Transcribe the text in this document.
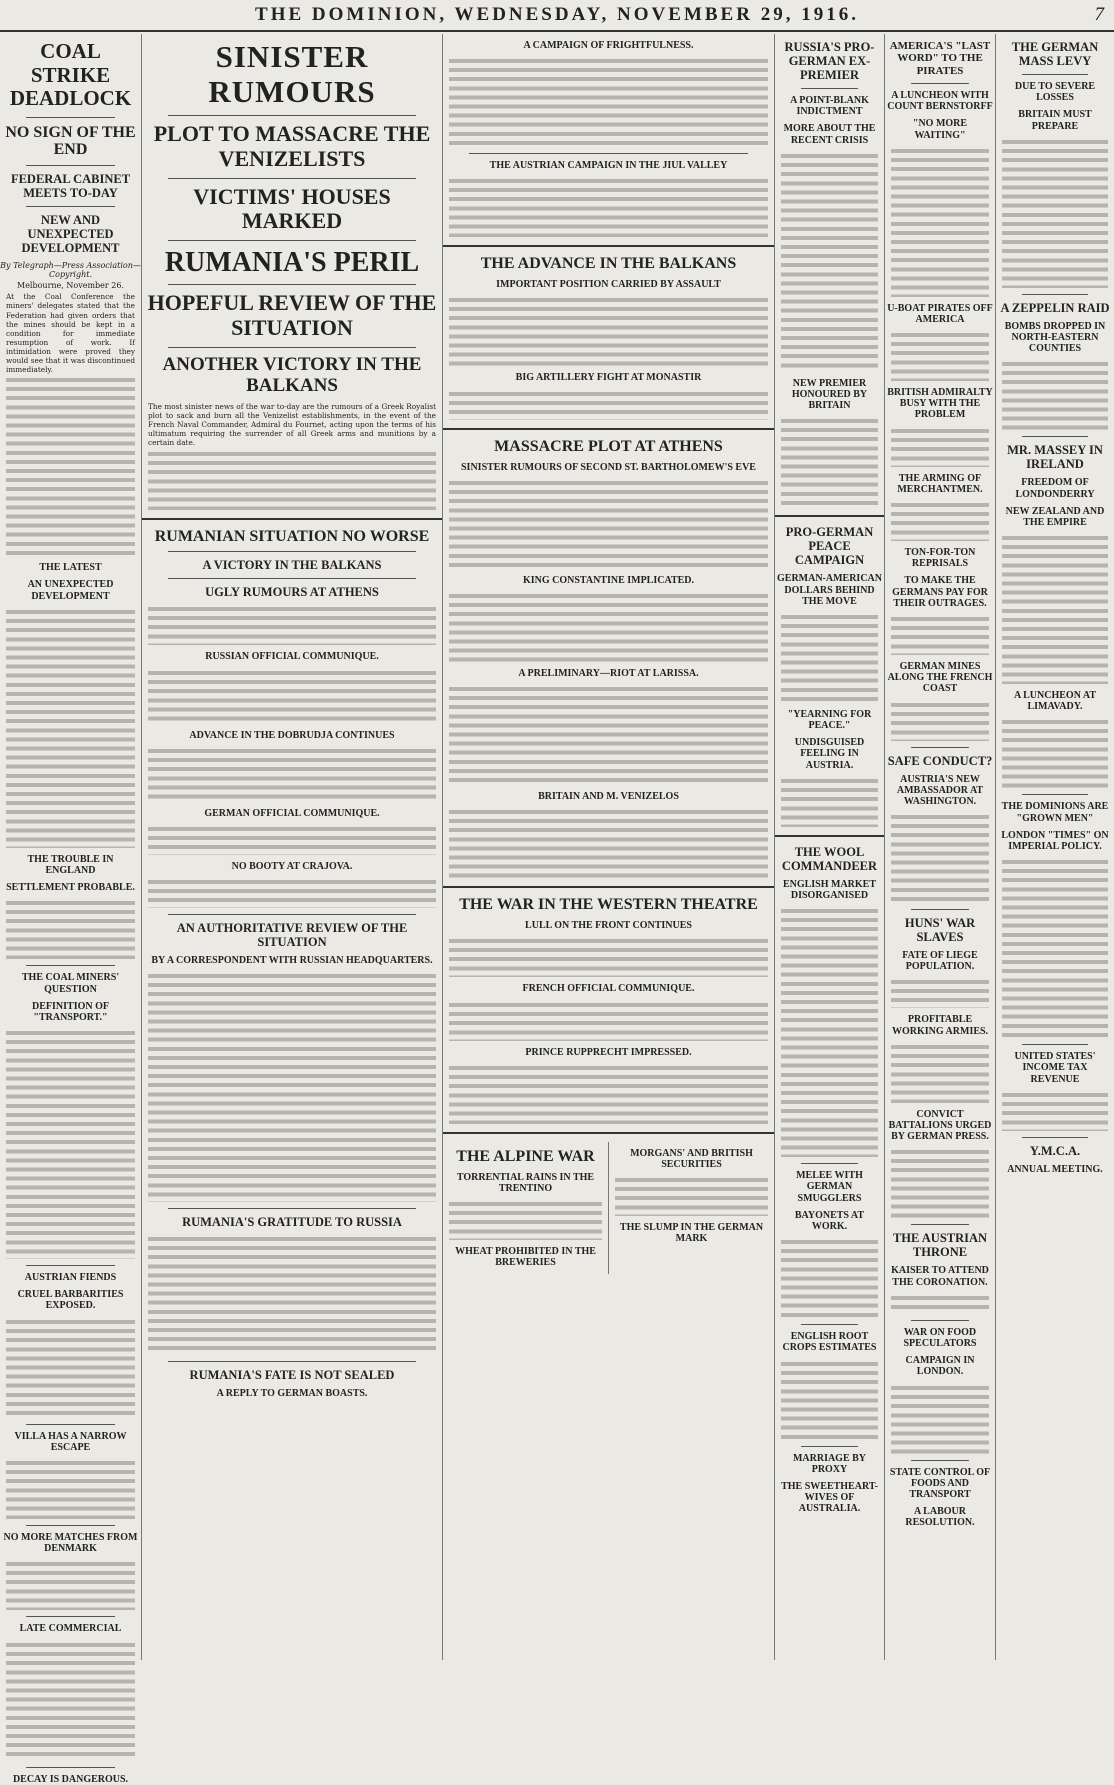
THE DOMINION, WEDNESDAY, NOVEMBER 29, 1916.	7
COAL STRIKE DEADLOCK
NO SIGN OF THE END
FEDERAL CABINET MEETS TO-DAY
NEW AND UNEXPECTED DEVELOPMENT
By Telegraph—Press Association—Copyright.
Melbourne, November 26.
At the Coal Conference the miners' delegates stated that the Federation had given orders that the mines should be kept in a condition for immediate resumption of work. If intimidation were proved they would see that it was discontinued immediately.
THE LATEST
AN UNEXPECTED DEVELOPMENT
THE TROUBLE IN ENGLAND
SETTLEMENT PROBABLE.
THE COAL MINERS' QUESTION
DEFINITION OF "TRANSPORT."
AUSTRIAN FIENDS
CRUEL BARBARITIES EXPOSED.
VILLA HAS A NARROW ESCAPE
NO MORE MATCHES FROM DENMARK
LATE COMMERCIAL
DECAY IS DANGEROUS.
SINISTER RUMOURS
PLOT TO MASSACRE THE VENIZELISTS
VICTIMS' HOUSES MARKED
RUMANIA'S PERIL
HOPEFUL REVIEW OF THE SITUATION
ANOTHER VICTORY IN THE BALKANS
The most sinister news of the war to-day are the rumours of a Greek Royalist plot to sack and burn all the Venizelist establishments, in the event of the French Naval Commander, Admiral du Fournet, acting upon the terms of his ultimatum requiring the surrender of all Greek arms and munitions by a certain date.
RUMANIAN SITUATION NO WORSE
A VICTORY IN THE BALKANS
UGLY RUMOURS AT ATHENS
RUSSIAN OFFICIAL COMMUNIQUE.
ADVANCE IN THE DOBRUDJA CONTINUES
GERMAN OFFICIAL COMMUNIQUE.
NO BOOTY AT CRAJOVA.
AN AUTHORITATIVE REVIEW OF THE SITUATION
BY A CORRESPONDENT WITH RUSSIAN HEADQUARTERS.
RUMANIA'S GRATITUDE TO RUSSIA
RUMANIA'S FATE IS NOT SEALED
A REPLY TO GERMAN BOASTS.
A CAMPAIGN OF FRIGHTFULNESS.
THE AUSTRIAN CAMPAIGN IN THE JIUL VALLEY
THE ADVANCE IN THE BALKANS
IMPORTANT POSITION CARRIED BY ASSAULT
BIG ARTILLERY FIGHT AT MONASTIR
MASSACRE PLOT AT ATHENS
SINISTER RUMOURS OF SECOND ST. BARTHOLOMEW'S EVE
KING CONSTANTINE IMPLICATED.
A PRELIMINARY—RIOT AT LARISSA.
BRITAIN AND M. VENIZELOS
THE WAR IN THE WESTERN THEATRE
LULL ON THE FRONT CONTINUES
FRENCH OFFICIAL COMMUNIQUE.
PRINCE RUPPRECHT IMPRESSED.
THE ALPINE WAR
TORRENTIAL RAINS IN THE TRENTINO
WHEAT PROHIBITED IN THE BREWERIES
MORGANS' AND BRITISH SECURITIES
THE SLUMP IN THE GERMAN MARK
RUSSIA'S PRO-GERMAN EX-PREMIER
A POINT-BLANK INDICTMENT
MORE ABOUT THE RECENT CRISIS
NEW PREMIER HONOURED BY BRITAIN
PRO-GERMAN PEACE CAMPAIGN
GERMAN-AMERICAN DOLLARS BEHIND THE MOVE
"YEARNING FOR PEACE."
UNDISGUISED FEELING IN AUSTRIA.
THE WOOL COMMANDEER
ENGLISH MARKET DISORGANISED
MELEE WITH GERMAN SMUGGLERS
BAYONETS AT WORK.
ENGLISH ROOT CROPS ESTIMATES
MARRIAGE BY PROXY
THE SWEETHEART-WIVES OF AUSTRALIA.
AMERICA'S "LAST WORD" TO THE PIRATES
A LUNCHEON WITH COUNT BERNSTORFF
"NO MORE WAITING"
U-BOAT PIRATES OFF AMERICA
BRITISH ADMIRALTY BUSY WITH THE PROBLEM
THE ARMING OF MERCHANTMEN.
TON-FOR-TON REPRISALS
TO MAKE THE GERMANS PAY FOR THEIR OUTRAGES.
GERMAN MINES ALONG THE FRENCH COAST
SAFE CONDUCT?
AUSTRIA'S NEW AMBASSADOR AT WASHINGTON.
HUNS' WAR SLAVES
FATE OF LIEGE POPULATION.
PROFITABLE WORKING ARMIES.
CONVICT BATTALIONS URGED BY GERMAN PRESS.
THE AUSTRIAN THRONE
KAISER TO ATTEND THE CORONATION.
WAR ON FOOD SPECULATORS
CAMPAIGN IN LONDON.
STATE CONTROL OF FOODS AND TRANSPORT
A LABOUR RESOLUTION.
THE GERMAN MASS LEVY
DUE TO SEVERE LOSSES
BRITAIN MUST PREPARE
A ZEPPELIN RAID
BOMBS DROPPED IN NORTH-EASTERN COUNTIES
MR. MASSEY IN IRELAND
FREEDOM OF LONDONDERRY
NEW ZEALAND AND THE EMPIRE
A LUNCHEON AT LIMAVADY.
THE DOMINIONS ARE "GROWN MEN"
LONDON "TIMES" ON IMPERIAL POLICY.
UNITED STATES' INCOME TAX REVENUE
Y.M.C.A.
ANNUAL MEETING.
